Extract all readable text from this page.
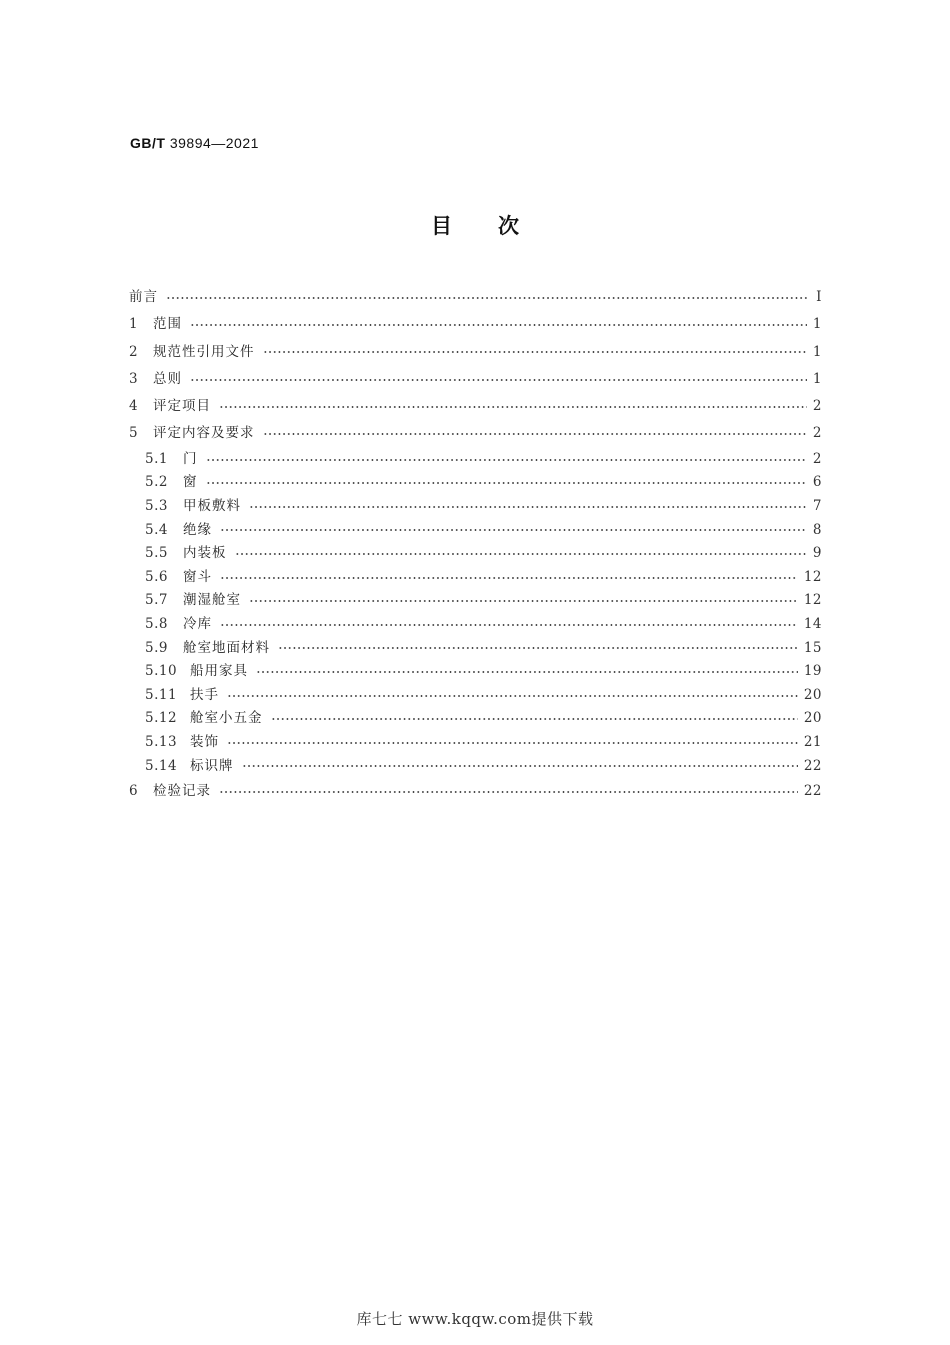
GB/T 39894—2021
目次
前言	Ⅰ
1	范围	1
2	规范性引用文件	1
3	总则	1
4	评定项目	2
5	评定内容及要求	2
5.1	门	2
5.2	窗	6
5.3	甲板敷料	7
5.4	绝缘	8
5.5	内装板	9
5.6	窗斗	12
5.7	潮湿舱室	12
5.8	冷库	14
5.9	舱室地面材料	15
5.10 船用家具	19
5.11 扶手	20
5.12 舱室小五金	20
5.13 装饰	21
5.14 标识牌	22
6	检验记录	22
库七七 www.kqqw.com提供下载
